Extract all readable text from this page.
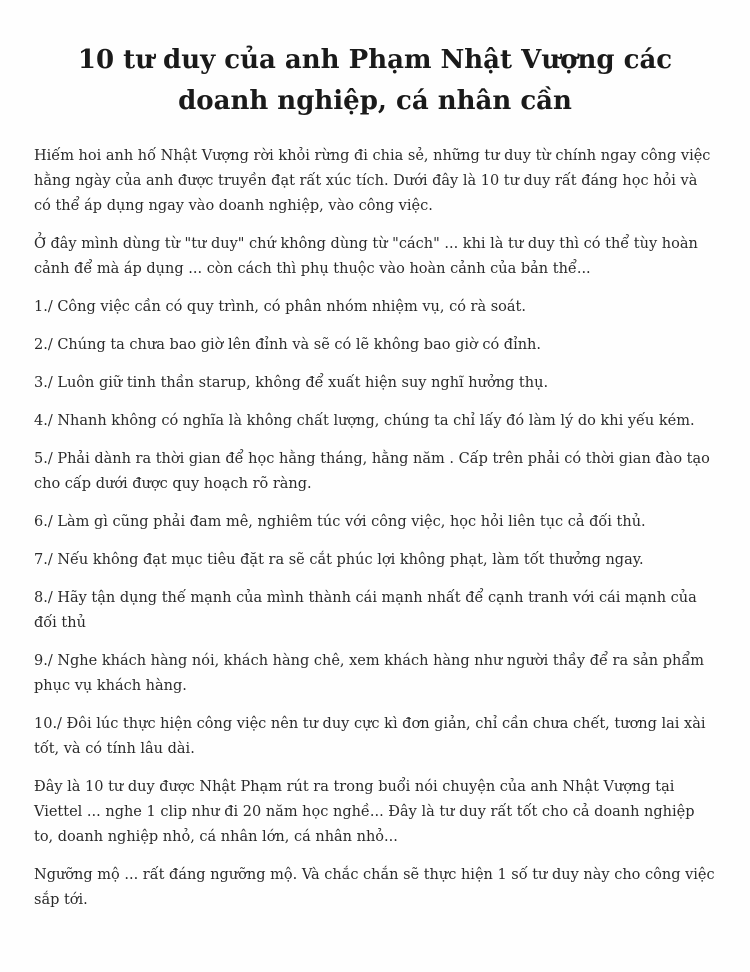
10 tư duy của anh Phạm Nhật Vượng các doanh nghiệp, cá nhân cần

Hiếm hoi anh hố Nhật Vượng rời khỏi rừng đi chia sẻ, những tư duy từ chính ngay công việc hằng ngày của anh được truyền đạt rất xúc tích. Dưới đây là 10 tư duy rất đáng học hỏi và có thể áp dụng ngay vào doanh nghiệp, vào công việc.

Ở đây mình dùng từ "tư duy" chứ không dùng từ "cách" ... khi là tư duy thì có thể tùy hoàn cảnh để mà áp dụng ... còn cách thì phụ thuộc vào hoàn cảnh của bản thể...

1./ Công việc cần có quy trình, có phân nhóm nhiệm vụ, có rà soát.

2./ Chúng ta chưa bao giờ lên đỉnh và sẽ có lẽ không bao giờ có đỉnh.

3./ Luôn giữ tinh thần starup, không để xuất hiện suy nghĩ hưởng thụ.

4./ Nhanh không có nghĩa là không chất lượng, chúng ta chỉ lấy đó làm lý do khi yếu kém.

5./ Phải dành ra thời gian để học hằng tháng, hằng năm . Cấp trên phải có thời gian đào tạo cho cấp dưới được quy hoạch rõ ràng.

6./ Làm gì cũng phải đam mê, nghiêm túc với công việc, học hỏi liên tục cả đối thủ.

7./ Nếu không đạt mục tiêu đặt ra sẽ cắt phúc lợi không phạt, làm tốt thưởng ngay.

8./ Hãy tận dụng thế mạnh của mình thành cái mạnh nhất để cạnh tranh với cái mạnh của đối thủ

9./ Nghe khách hàng nói, khách hàng chê, xem khách hàng như người thầy để ra sản phẩm phục vụ khách hàng.

10./ Đôi lúc thực hiện công việc nên tư duy cực kì đơn giản, chỉ cần chưa chết, tương lai xài tốt, và có tính lâu dài.

Đây là 10 tư duy được Nhật Phạm rút ra trong buổi nói chuyện của anh Nhật Vượng tại Viettel ... nghe 1 clip như đi 20 năm học nghề... Đây là tư duy rất tốt cho cả doanh nghiệp to, doanh nghiệp nhỏ, cá nhân lớn, cá nhân nhỏ...

Ngưỡng mộ ... rất đáng ngưỡng mộ. Và chắc chắn sẽ thực hiện 1 số tư duy này cho công việc sắp tới.
